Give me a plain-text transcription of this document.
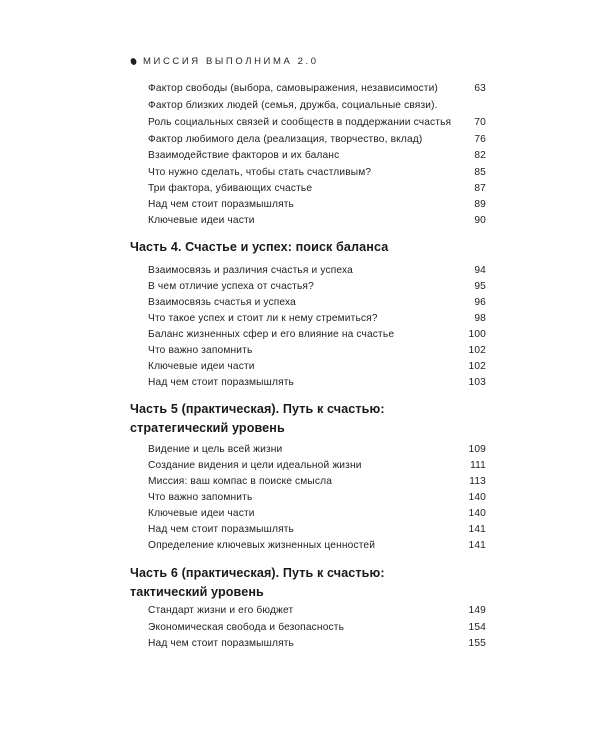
МИССИЯ ВЫПОЛНИМА 2.0
Фактор свободы (выбора, самовыражения, независимости)	63
Фактор близких людей (семья, дружба, социальные связи).
Роль социальных связей и сообществ в поддержании счастья 70
Фактор любимого дела (реализация, творчество, вклад)	76
Взаимодействие факторов и их баланс	82
Что нужно сделать, чтобы стать счастливым?	85
Три фактора, убивающих счастье	87
Над чем стоит поразмышлять	89
Ключевые идеи части	90
Часть 4. Счастье и успех: поиск баланса
Взаимосвязь и различия счастья и успеха	94
В чем отличие успеха от счастья?	95
Взаимосвязь счастья и успеха	96
Что такое успех и стоит ли к нему стремиться?	98
Баланс жизненных сфер и его влияние на счастье	100
Что важно запомнить	102
Ключевые идеи части	102
Над чем стоит поразмышлять	103
Часть 5 (практическая). Путь к счастью:
стратегический уровень
Видение и цель всей жизни	109
Создание видения и цели идеальной жизни	111
Миссия: ваш компас в поиске смысла	113
Что важно запомнить	140
Ключевые идеи части	140
Над чем стоит поразмышлять	141
Определение ключевых жизненных ценностей	141
Часть 6 (практическая). Путь к счастью:
тактический уровень
Стандарт жизни и его бюджет	149
Экономическая свобода и безопасность	154
Над чем стоит поразмышлять	155
